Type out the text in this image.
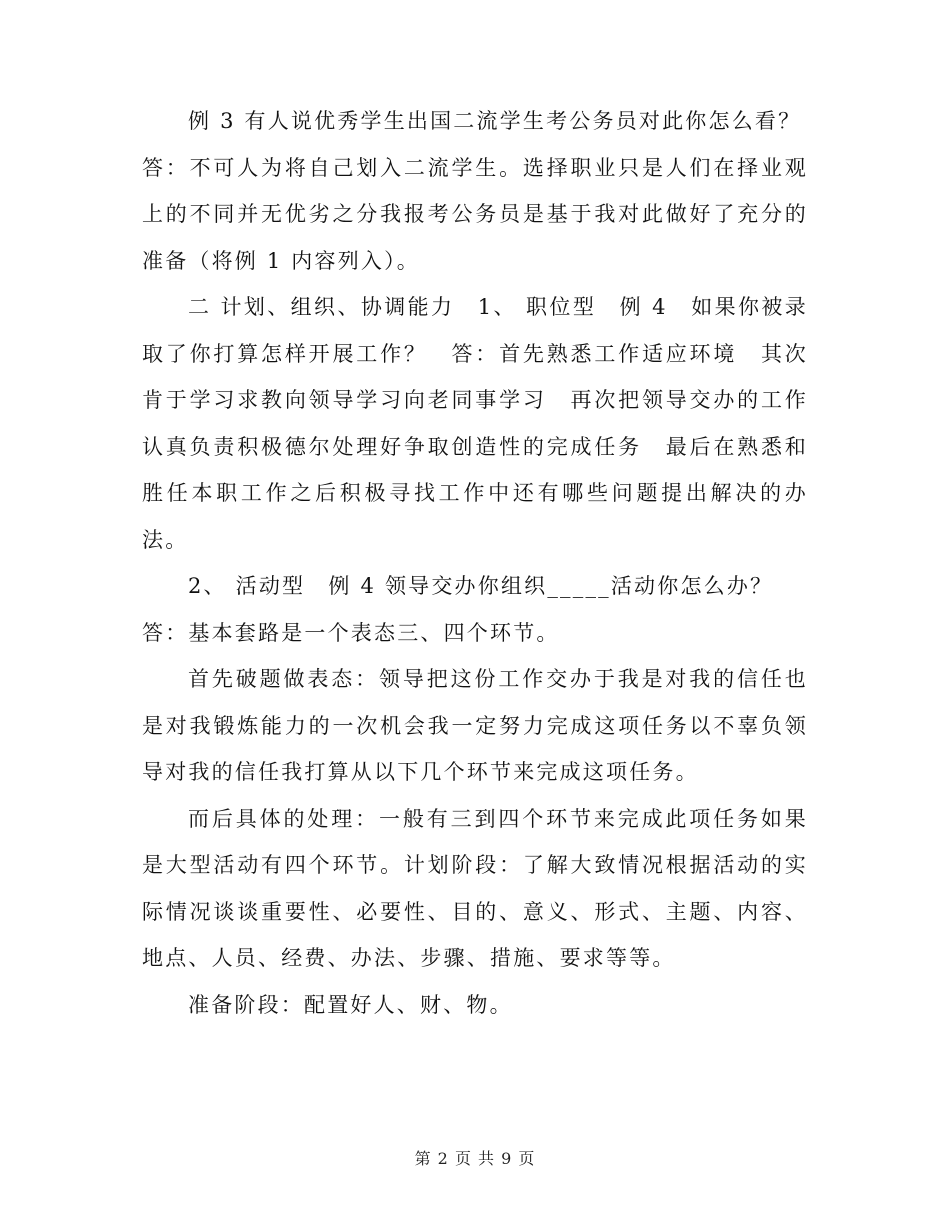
例 3 有人说优秀学生出国二流学生考公务员对此你怎么看？

答：不可人为将自己划入二流学生。选择职业只是人们在择业观上的不同并无优劣之分我报考公务员是基于我对此做好了充分的准备（将例 1 内容列入）。

二 计划、组织、协调能力　1、 职位型　例 4　如果你被录取了你打算怎样开展工作？　答：首先熟悉工作适应环境　其次肯于学习求教向领导学习向老同事学习　再次把领导交办的工作认真负责积极德尔处理好争取创造性的完成任务　最后在熟悉和胜任本职工作之后积极寻找工作中还有哪些问题提出解决的办法。

2、 活动型　例 4 领导交办你组织_____活动你怎么办？

答：基本套路是一个表态三、四个环节。

首先破题做表态：领导把这份工作交办于我是对我的信任也是对我锻炼能力的一次机会我一定努力完成这项任务以不辜负领导对我的信任我打算从以下几个环节来完成这项任务。

而后具体的处理：一般有三到四个环节来完成此项任务如果是大型活动有四个环节。计划阶段：了解大致情况根据活动的实际情况谈谈重要性、必要性、目的、意义、形式、主题、内容、地点、人员、经费、办法、步骤、措施、要求等等。

准备阶段：配置好人、财、物。

第 2 页 共 9 页
